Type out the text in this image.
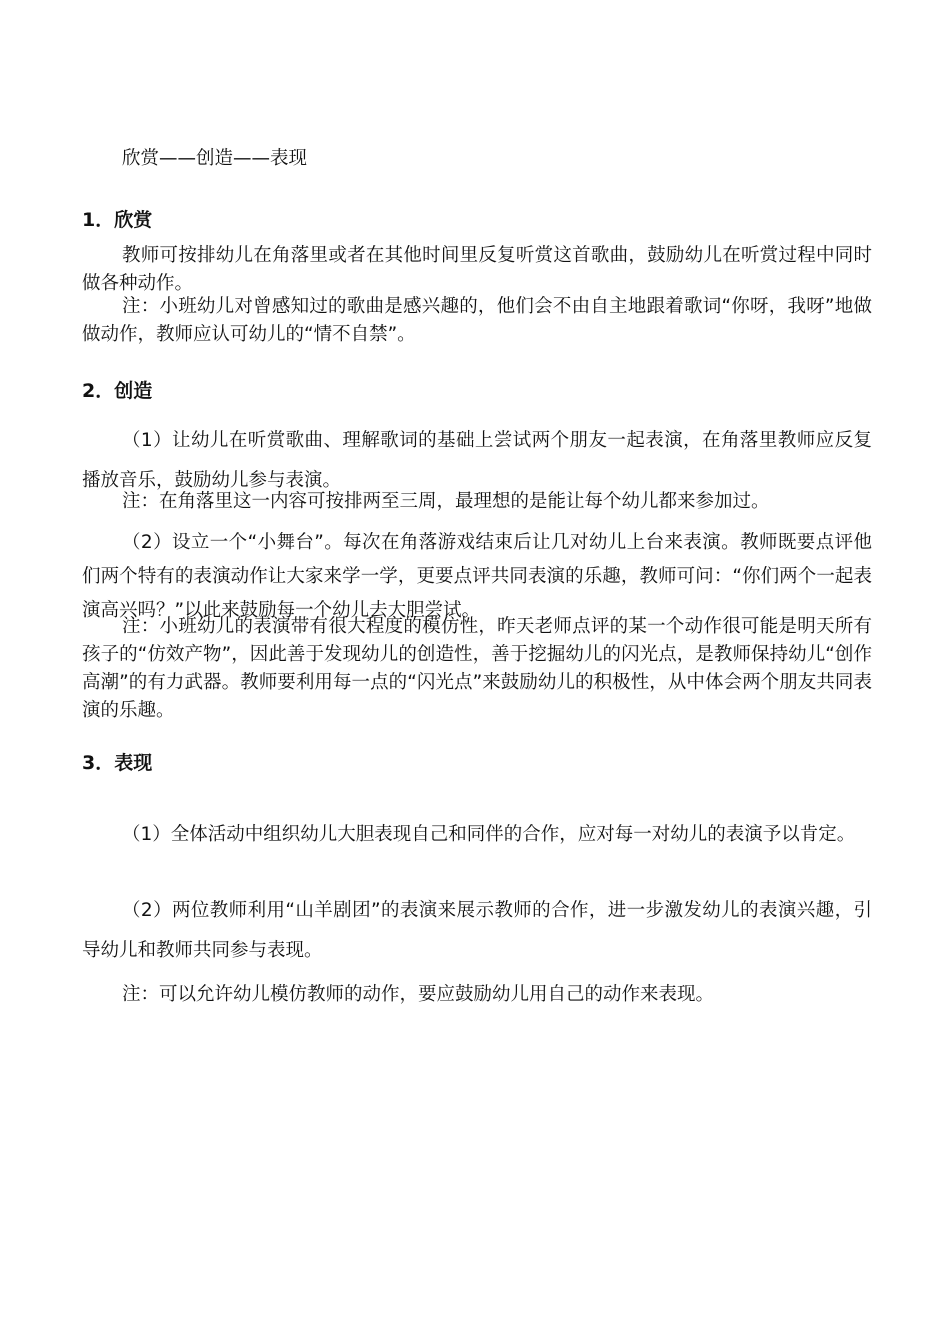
欣赏——创造——表现

1．欣赏

教师可按排幼儿在角落里或者在其他时间里反复听赏这首歌曲，鼓励幼儿在听赏过程中同时做各种动作。

注：小班幼儿对曾感知过的歌曲是感兴趣的，他们会不由自主地跟着歌词“你呀，我呀”地做做动作，教师应认可幼儿的“情不自禁”。

2．创造

（1）让幼儿在听赏歌曲、理解歌词的基础上尝试两个朋友一起表演，在角落里教师应反复播放音乐，鼓励幼儿参与表演。

注：在角落里这一内容可按排两至三周，最理想的是能让每个幼儿都来参加过。

（2）设立一个“小舞台”。每次在角落游戏结束后让几对幼儿上台来表演。教师既要点评他们两个特有的表演动作让大家来学一学，更要点评共同表演的乐趣，教师可问：“你们两个一起表演高兴吗？”以此来鼓励每一个幼儿去大胆尝试。

注：小班幼儿的表演带有很大程度的模仿性，昨天老师点评的某一个动作很可能是明天所有孩子的“仿效产物”，因此善于发现幼儿的创造性，善于挖掘幼儿的闪光点，是教师保持幼儿“创作高潮”的有力武器。教师要利用每一点的“闪光点”来鼓励幼儿的积极性，从中体会两个朋友共同表演的乐趣。

3．表现

（1）全体活动中组织幼儿大胆表现自己和同伴的合作，应对每一对幼儿的表演予以肯定。

（2）两位教师利用“山羊剧团”的表演来展示教师的合作，进一步激发幼儿的表演兴趣，引导幼儿和教师共同参与表现。

注：可以允许幼儿模仿教师的动作，要应鼓励幼儿用自己的动作来表现。
